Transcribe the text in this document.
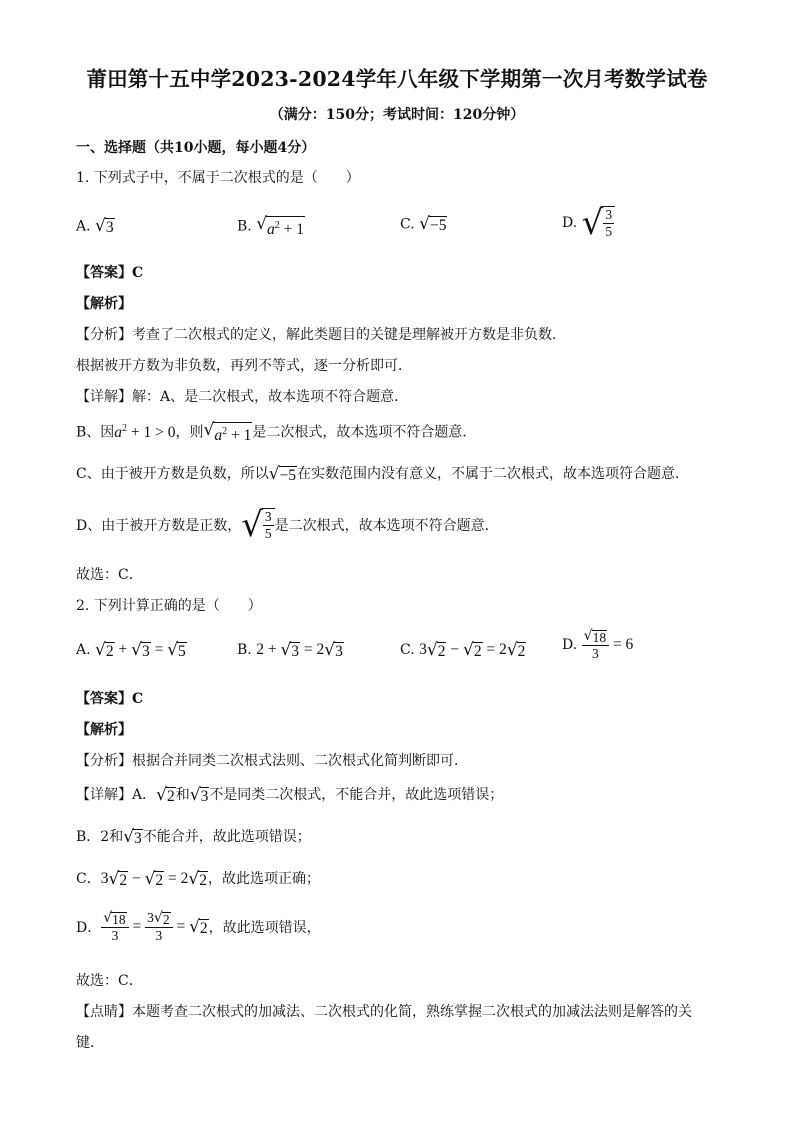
莆田第十五中学2023-2024学年八年级下学期第一次月考数学试卷
（满分：150分；考试时间：120分钟）
一、选择题（共10小题，每小题4分）
1. 下列式子中，不属于二次根式的是（　　）
A. √ 3	B. √ $a^2 + 1$	C. √ −5	D. √ $\frac{3}{5}$
【答案】C
【解析】
【分析】考查了二次根式的定义，解此类题目的关键是理解被开方数是非负数．
根据被开方数为非负数，再列不等式，逐一分析即可．
【详解】解：A、是二次根式，故本选项不符合题意．
B、因$a^2 + 1 > 0$，则 √ $a^2 + 1$ 是二次根式，故本选项不符合题意．
C、由于被开方数是负数，所以 √ −5 在实数范围内没有意义，不属于二次根式，故本选项符合题意．
D、由于被开方数是正数， √ $\frac{3}{5}$ 是二次根式，故本选项不符合题意．
故选：C．
2. 下列计算正确的是（　　）
A. √ 2 + √ 3 = √ 5	B. 2 + √ 3 = 2 √ 3	C. 3 √ 2 − √ 2 = 2 √ 2	D. $\frac{√ 18}{3} = 6$
【答案】C
【解析】
【分析】根据合并同类二次根式法则、二次根式化简判断即可．
【详解】A． √ 2 和 √ 3 不是同类二次根式，不能合并，故此选项错误；
B．2和 √ 3 不能合并，故此选项错误；
C．3 √ 2 − √ 2 = 2 √ 2 ，故此选项正确；
D． $\frac{√ 18}{3} = \frac{3 √ 2}{3}$ = √ 2 ，故此选项错误，
故选：C．
【点睛】本题考查二次根式的加减法、二次根式的化简，熟练掌握二次根式的加减法法则是解答的关
键．
